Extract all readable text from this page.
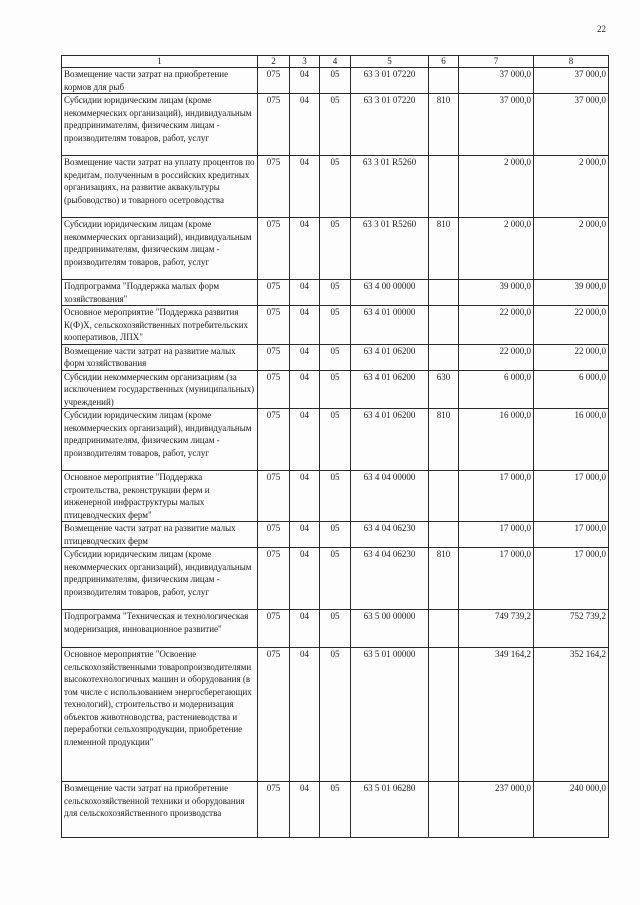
22
1	2	3	4	5	6	7	8
Возмещение части затрат на приобретение кормов для рыб	075	04	05	63 3 01 07220		37 000,0	37 000,0
Субсидии юридическим лицам (кроме некоммерческих организаций), индивидуальным предпринимателям, физическим лицам - производителям товаров, работ, услуг	075	04	05	63 3 01 07220	810	37 000,0	37 000,0
Возмещение части затрат на уплату процентов по кредитам, полученным в российских кредитных организациях, на развитие аквакультуры (рыбоводство) и товарного осетроводства	075	04	05	63 3 01 R5260		2 000,0	2 000,0
Субсидии юридическим лицам (кроме некоммерческих организаций), индивидуальным предпринимателям, физическим лицам - производителям товаров, работ, услуг	075	04	05	63 3 01 R5260	810	2 000,0	2 000,0
Подпрограмма "Поддержка малых форм хозяйствования"	075	04	05	63 4 00 00000		39 000,0	39 000,0
Основное мероприятие "Поддержка развития К(Ф)Х, сельскохозяйственных потребительских кооперативов, ЛПХ"	075	04	05	63 4 01 00000		22 000,0	22 000,0
Возмещение части затрат на развитие малых форм хозяйствования	075	04	05	63 4 01 06200		22 000,0	22 000,0
Субсидии некоммерческим организациям (за исключением государственных (муниципальных) учреждений)	075	04	05	63 4 01 06200	630	6 000,0	6 000,0
Субсидии юридическим лицам (кроме некоммерческих организаций), индивидуальным предпринимателям, физическим лицам - производителям товаров, работ, услуг	075	04	05	63 4 01 06200	810	16 000,0	16 000,0
Основное мероприятие "Поддержка строительства, реконструкции ферм и инженерной инфраструктуры малых птицеводческих ферм"	075	04	05	63 4 04 00000		17 000,0	17 000,0
Возмещение части затрат на развитие малых птицеводческих ферм	075	04	05	63 4 04 06230		17 000,0	17 000,0
Субсидии юридическим лицам (кроме некоммерческих организаций), индивидуальным предпринимателям, физическим лицам - производителям товаров, работ, услуг	075	04	05	63 4 04 06230	810	17 000,0	17 000,0
Подпрограмма "Техническая и технологическая модернизация, инновационное развитие"	075	04	05	63 5 00 00000		749 739,2	752 739,2
Основное мероприятие "Освоение сельскохозяйственными товаропроизводителями высокотехнологичных машин и оборудования (в том числе с использованием энергосберегающих технологий), строительство и модернизация объектов животноводства, растениеводства и переработки сельхозпродукции, приобретение племенной продукции"	075	04	05	63 5 01 00000		349 164,2	352 164,2
Возмещение части затрат на приобретение сельскохозяйственной техники и оборудования для сельскохозяйственного производства	075	04	05	63 5 01 06280		237 000,0	240 000,0
